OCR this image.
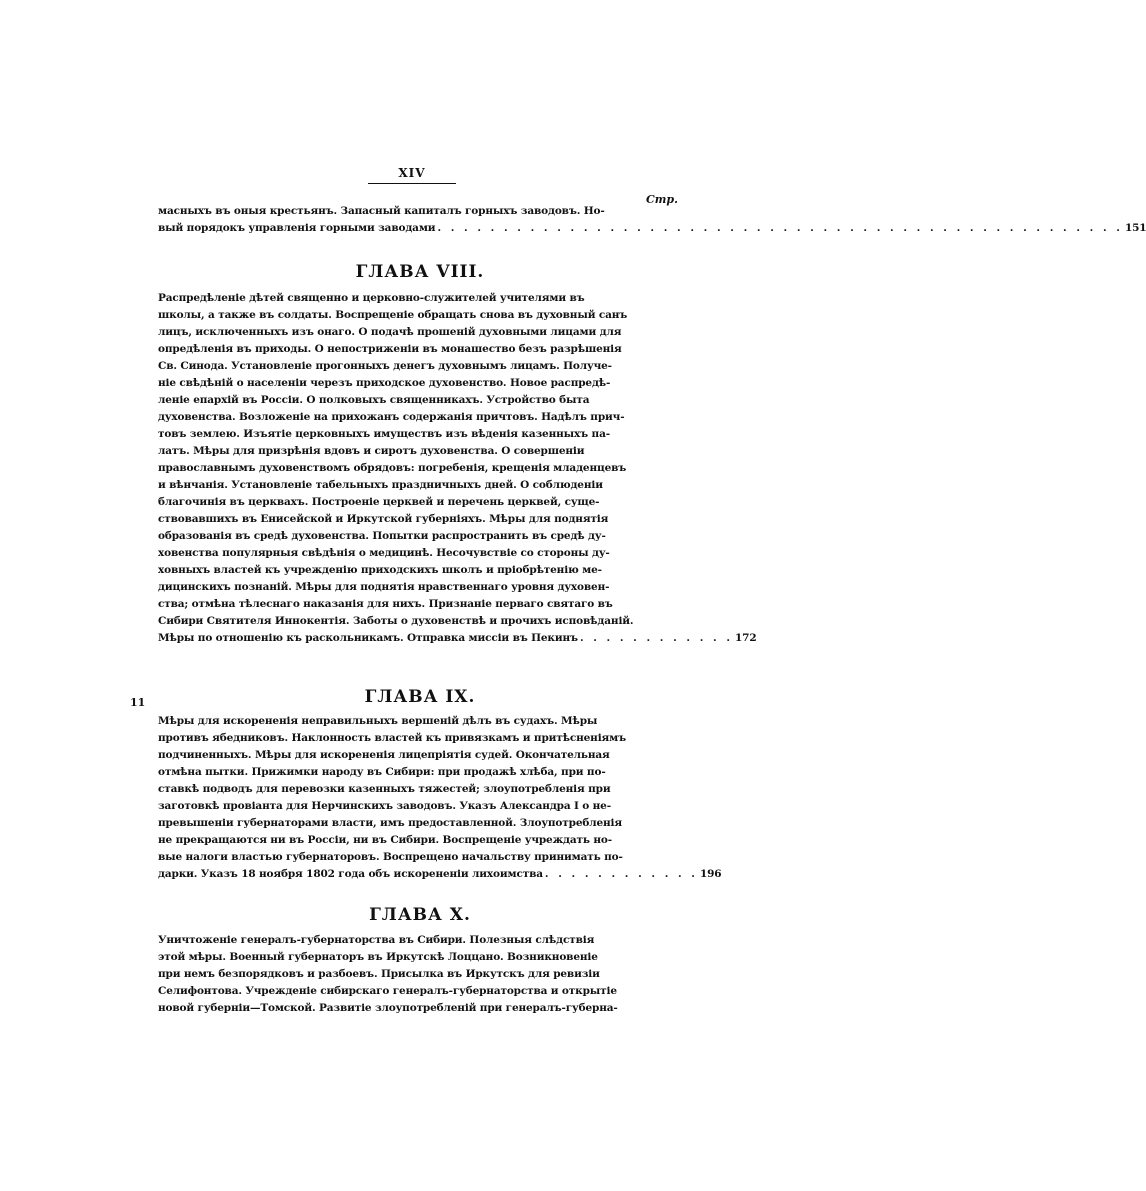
XIV
Стр.
масныхъ въ оныя крестьянъ. Запасный капиталъ горныхъ заводовъ. Но-
вый порядокъ управленія горными заводами . . . . . . . . . . . . . . . . . . . . . . . . . . . . . . . . . . . . . . . . . . . . . . . . . . . . 151
ГЛАВА VIII.
Распредѣленіе дѣтей священно и церковно-служителей учителями въ
школы, а также въ солдаты. Воспрещеніе обращать снова въ духовный санъ
лицъ, исключенныхъ изъ онаго. О подачѣ прошеній духовными лицами для
опредѣленія въ приходы. О непостриженіи въ монашество безъ разрѣшенія
Св. Синода. Установленіе прогонныхъ денегъ духовнымъ лицамъ. Получе-
ніе свѣдѣній о населеніи черезъ приходское духовенство. Новое распредѣ-
леніе епархій въ Россіи. О полковыхъ священникахъ. Устройство быта
духовенства. Возложеніе на прихожанъ содержанія причтовъ. Надѣлъ прич-
товъ землею. Изъятіе церковныхъ имуществъ изъ вѣденія казенныхъ па-
латъ. Мѣры для призрѣнія вдовъ и сиротъ духовенства. О совершеніи
православнымъ духовенствомъ обрядовъ: погребенія, крещенія младенцевъ
и вѣнчанія. Установленіе табельныхъ праздничныхъ дней. О соблюденіи
благочинія въ церквахъ. Построеніе церквей и перечень церквей, суще-
ствовавшихъ въ Енисейской и Иркутской губерніяхъ. Мѣры для поднятія
образованія въ средѣ духовенства. Попытки распространить въ средѣ ду-
ховенства популярныя свѣдѣнія о медицинѣ. Несочувствіе со стороны ду-
ховныхъ властей къ учрежденію приходскихъ школъ и пріобрѣтенію ме-
дицинскихъ познаній. Мѣры для поднятія нравственнаго уровня духовен-
ства; отмѣна тѣлеснаго наказанія для нихъ. Признаніе перваго святаго въ
Сибири Святителя Иннокентія. Заботы о духовенствѣ и прочихъ исповѣданій.
Мѣры по отношенію къ раскольникамъ. Отправка миссіи въ Пекинъ . . . . . . . . . . . . 172
11	ГЛАВА IX.
Мѣры для искорененія неправильныхъ вершеній дѣлъ въ судахъ. Мѣры
противъ ябедниковъ. Наклонность властей къ привязкамъ и притѣсненіямъ
подчиненныхъ. Мѣры для искорененія лицепріятія судей. Окончательная
отмѣна пытки. Прижимки народу въ Сибири: при продажѣ хлѣба, при по-
ставкѣ подводъ для перевозки казенныхъ тяжестей; злоупотребленія при
заготовкѣ провіанта для Нерчинскихъ заводовъ. Указъ Александра I о не-
превышеніи губернаторами власти, имъ предоставленной. Злоупотребленія
не прекращаются ни въ Россіи, ни въ Сибири. Воспрещеніе учреждать но-
вые налоги властью губернаторовъ. Воспрещено начальству принимать по-
дарки. Указъ 18 ноября 1802 года объ искорененіи лихоимства . . . . . . . . . . . . 196
ГЛАВА X.
Уничтоженіе генералъ-губернаторства въ Сибири. Полезныя слѣдствія
этой мѣры. Военный губернаторъ въ Иркутскѣ Лоццано. Возникновеніе
при немъ безпорядковъ и разбоевъ. Присылка въ Иркутскъ для ревизіи
Селифонтова. Учрежденіе сибирскаго генералъ-губернаторства и открытіе
новой губерніи—Томской. Развитіе злоупотребленій при генералъ-губерна-
